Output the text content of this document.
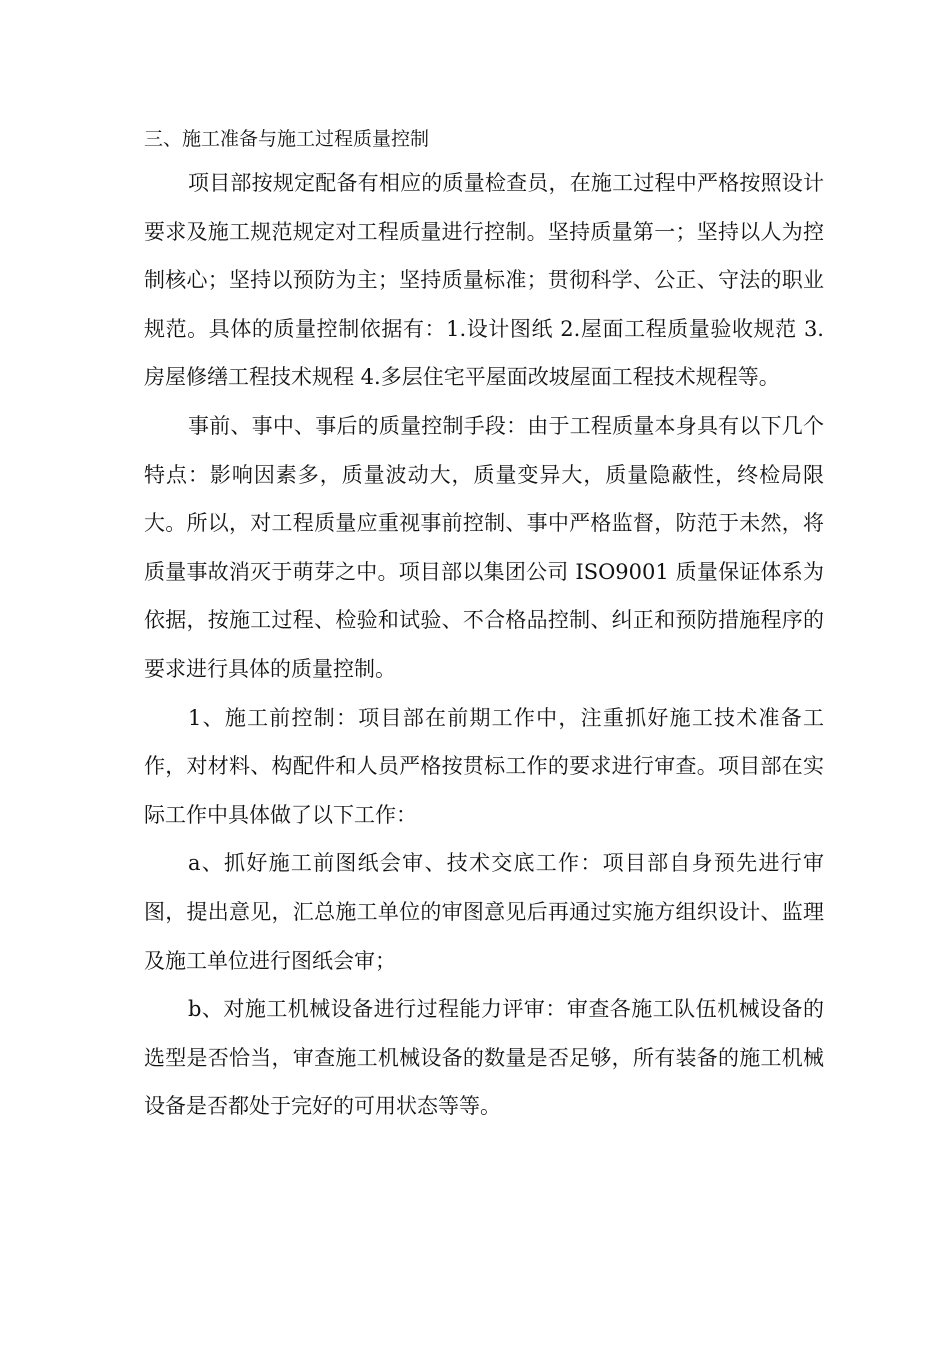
三、施工准备与施工过程质量控制

项目部按规定配备有相应的质量检查员，在施工过程中严格按照设计要求及施工规范规定对工程质量进行控制。坚持质量第一；坚持以人为控制核心；坚持以预防为主；坚持质量标准；贯彻科学、公正、守法的职业规范。具体的质量控制依据有：1.设计图纸 2.屋面工程质量验收规范 3.房屋修缮工程技术规程 4.多层住宅平屋面改坡屋面工程技术规程等。

事前、事中、事后的质量控制手段：由于工程质量本身具有以下几个特点：影响因素多，质量波动大，质量变异大，质量隐蔽性，终检局限大。所以，对工程质量应重视事前控制、事中严格监督，防范于未然，将质量事故消灭于萌芽之中。项目部以集团公司 ISO9001 质量保证体系为依据，按施工过程、检验和试验、不合格品控制、纠正和预防措施程序的要求进行具体的质量控制。

1、施工前控制：项目部在前期工作中，注重抓好施工技术准备工作，对材料、构配件和人员严格按贯标工作的要求进行审查。项目部在实际工作中具体做了以下工作：

a、抓好施工前图纸会审、技术交底工作：项目部自身预先进行审图，提出意见，汇总施工单位的审图意见后再通过实施方组织设计、监理及施工单位进行图纸会审；

b、对施工机械设备进行过程能力评审：审查各施工队伍机械设备的选型是否恰当，审查施工机械设备的数量是否足够，所有装备的施工机械设备是否都处于完好的可用状态等等。
